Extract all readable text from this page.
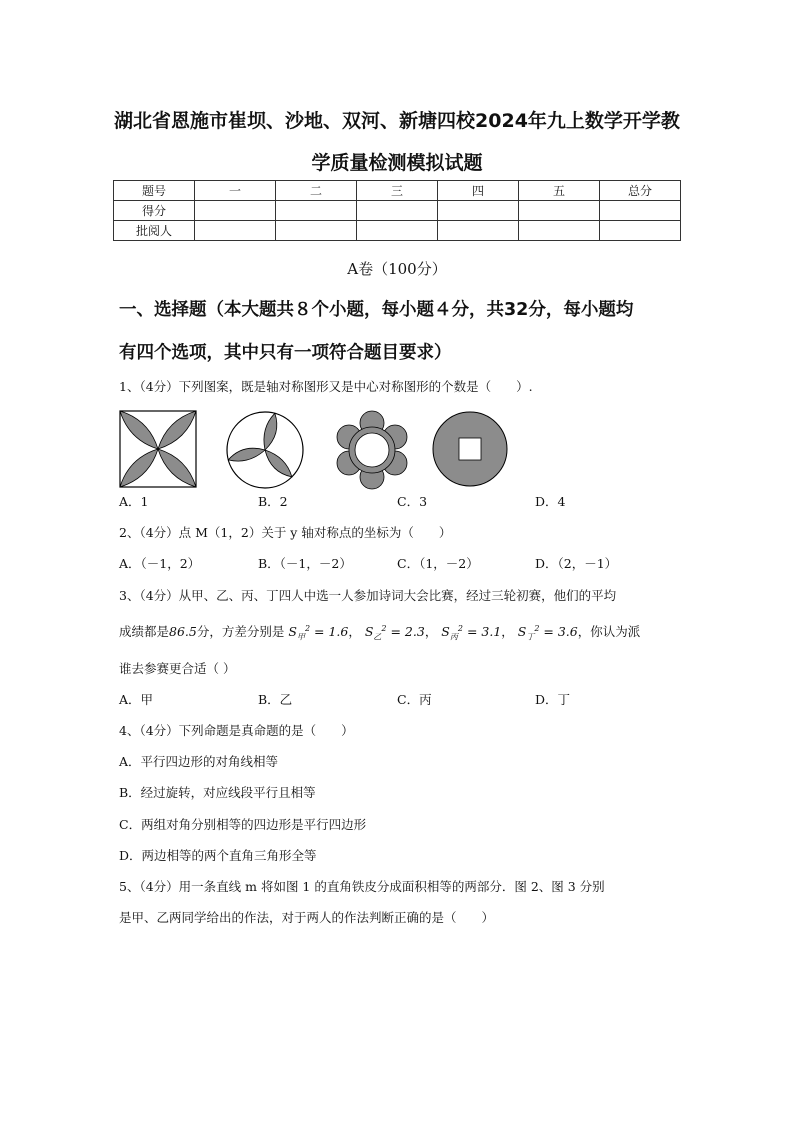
湖北省恩施市崔坝、沙地、双河、新塘四校2024年九上数学开学教
学质量检测模拟试题
题号	一	二	三	四	五	总分
得分						
批阅人						
A卷（100分）
一、选择题（本大题共８个小题，每小题４分，共32分，每小题均
有四个选项，其中只有一项符合题目要求）
1、（4分）下列图案，既是轴对称图形又是中心对称图形的个数是（　　）.
A．1	B．2	C．3	D．4
2、（4分）点 M（1，2）关于 y 轴对称点的坐标为（　　）
A．（－1，2）	B．（－1，－2）	C．（1，－2）	D．（2，－1）
3、（4分）从甲、乙、丙、丁四人中选一人参加诗词大会比赛，经过三轮初赛，他们的平均
成绩都是86.5分，方差分别是 $S_甲^2 = 1.6$， $S_乙^2 = 2.3$， $S_丙^2 = 3.1$， $S_丁^2 = 3.6$，你认为派
谁去参赛更合适（ ）
A．甲	B．乙	C．丙	D．丁
4、（4分）下列命题是真命题的是（　　）
A．平行四边形的对角线相等
B．经过旋转，对应线段平行且相等
C．两组对角分别相等的四边形是平行四边形
D．两边相等的两个直角三角形全等
5、（4分）用一条直线 m 将如图 1 的直角铁皮分成面积相等的两部分．图 2、图 3 分别
是甲、乙两同学给出的作法，对于两人的作法判断正确的是（　　）
